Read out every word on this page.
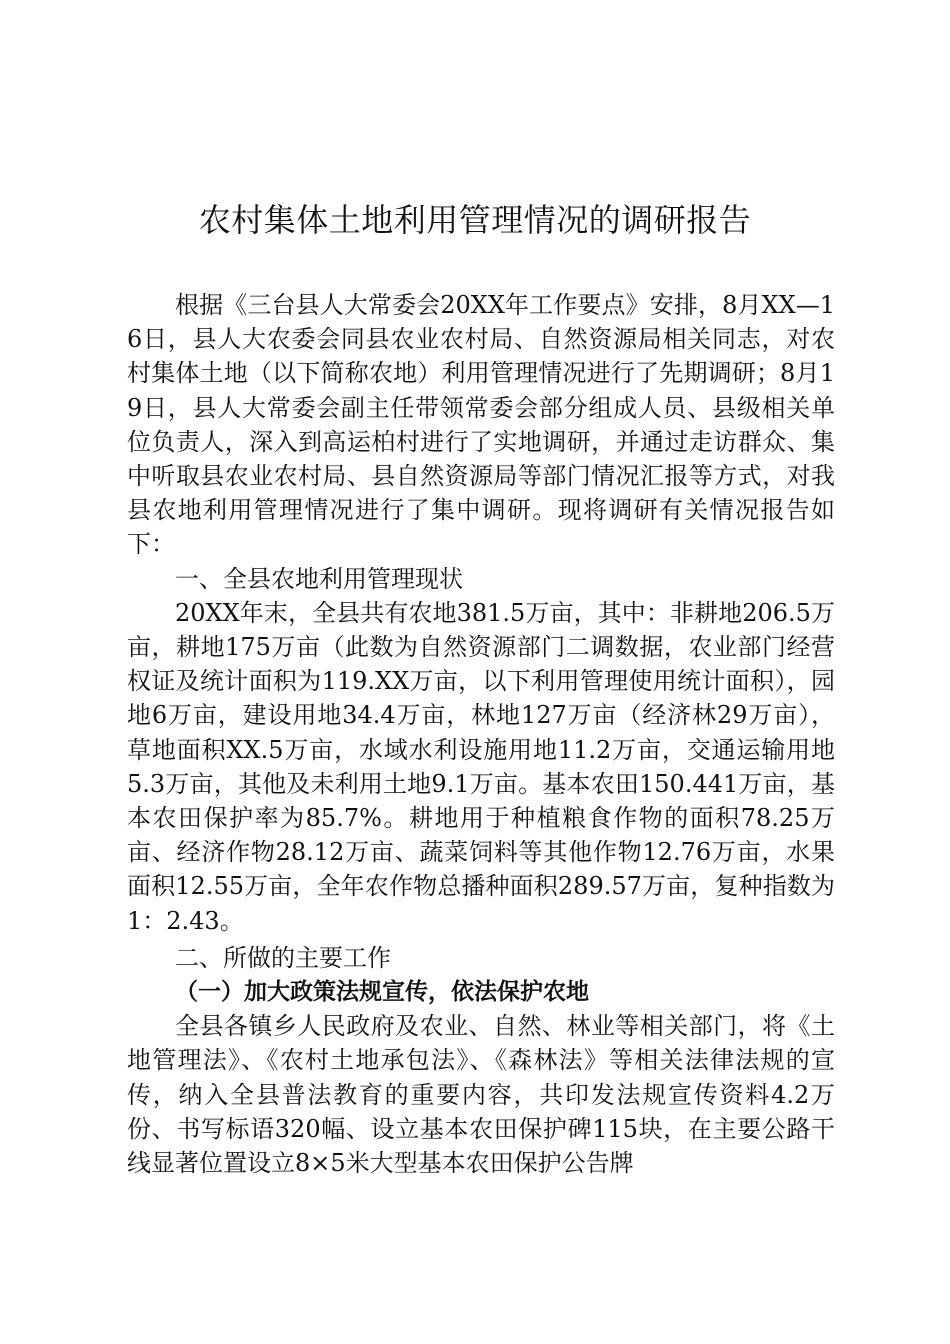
农村集体土地利用管理情况的调研报告

根据《三台县人大常委会20XX年工作要点》安排，8月XX—16日，县人大农委会同县农业农村局、自然资源局相关同志，对农村集体土地（以下简称农地）利用管理情况进行了先期调研；8月19日，县人大常委会副主任带领常委会部分组成人员、县级相关单位负责人，深入到高运柏村进行了实地调研，并通过走访群众、集中听取县农业农村局、县自然资源局等部门情况汇报等方式，对我县农地利用管理情况进行了集中调研。现将调研有关情况报告如下：

一、全县农地利用管理现状

20XX年末，全县共有农地381.5万亩，其中：非耕地206.5万亩，耕地175万亩（此数为自然资源部门二调数据，农业部门经营权证及统计面积为119.XX万亩，以下利用管理使用统计面积），园地6万亩，建设用地34.4万亩，林地127万亩（经济林29万亩），草地面积XX.5万亩，水域水利设施用地11.2万亩，交通运输用地5.3万亩，其他及未利用土地9.1万亩。基本农田150.441万亩，基本农田保护率为85.7%。耕地用于种植粮食作物的面积78.25万亩、经济作物28.12万亩、蔬菜饲料等其他作物12.76万亩，水果面积12.55万亩，全年农作物总播种面积289.57万亩，复种指数为1：2.43。

二、所做的主要工作

（一）加大政策法规宣传，依法保护农地

全县各镇乡人民政府及农业、自然、林业等相关部门，将《土地管理法》、《农村土地承包法》、《森林法》等相关法律法规的宣传，纳入全县普法教育的重要内容，共印发法规宣传资料4.2万份、书写标语320幅、设立基本农田保护碑115块，在主要公路干线显著位置设立8×5米大型基本农田保护公告牌
